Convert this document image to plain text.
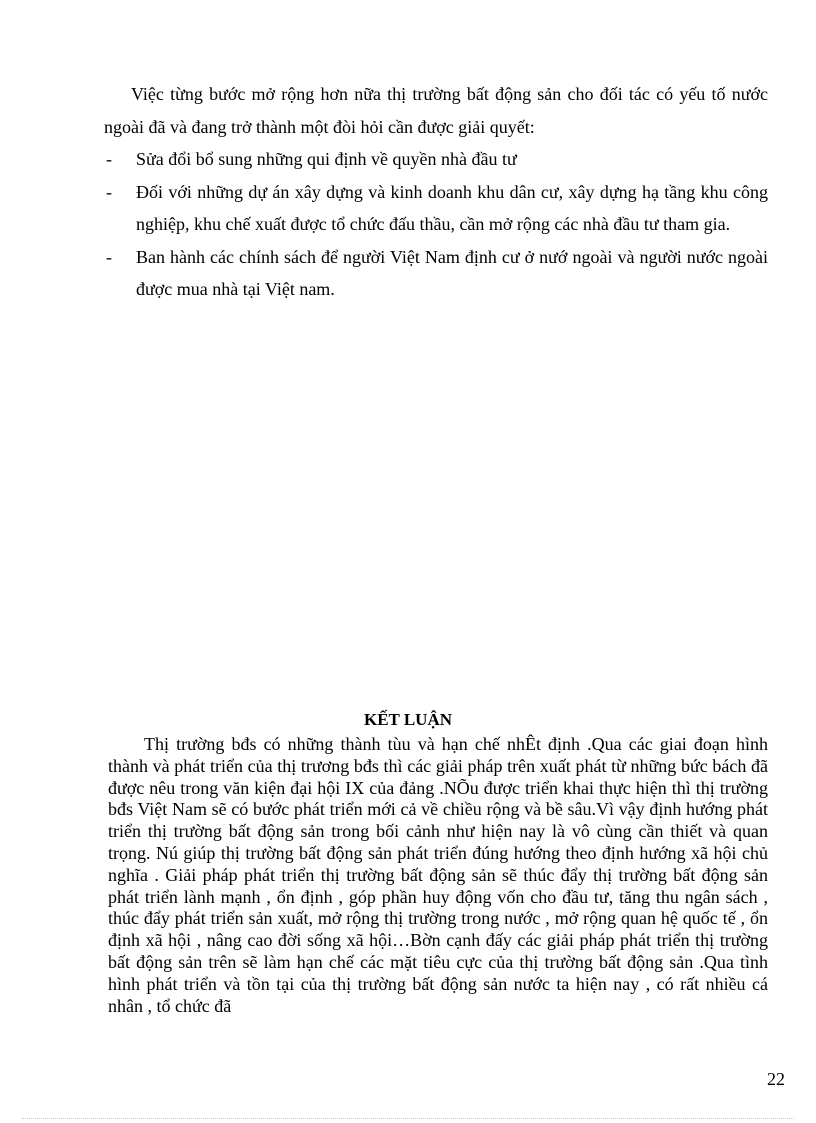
Việc từng bước mở rộng hơn nữa thị trường bất động sản cho đối tác có yếu tố nước ngoài đã và đang trở thành một đòi hỏi cần được giải quyết:

- Sửa đổi bổ sung những qui định về quyền nhà đầu tư
- Đối với những dự án xây dựng và kinh doanh khu dân cư, xây dựng hạ tầng khu công nghiệp, khu chế xuất được tổ chức đấu thầu, cần mở rộng các nhà đầu tư tham gia.
- Ban hành các chính sách để người Việt Nam định cư ở nướ ngoài và người nước ngoài được mua nhà tại Việt nam.
KẾT LUẬN

Thị trường bđs có những thành tùu và hạn chế nhÊt định .Qua các giai đoạn hình thành và phát triển của thị trương bđs thì các giải pháp trên xuất phát từ những bức bách đã được nêu trong văn kiện đại hội IX của đảng .NÕu được triển khai thực hiện thì thị trường bđs Việt Nam sẽ có bước phát triển mới cả về chiều rộng và bề sâu.Vì vậy định hướng phát triển thị trường bất động sản trong bối cảnh như hiện nay là vô cùng cần thiết và quan trọng. Nú giúp thị trường bất động sản phát triển đúng hướng theo định hướng xã hội chủ nghĩa . Giải pháp phát triển thị trường bất động sản sẽ thúc đẩy thị trường bất động sản phát triển lành mạnh , ổn định , góp phần huy động vốn cho đầu tư, tăng thu ngân sách , thúc đẩy phát triển sản xuất, mở rộng thị trường trong nước , mở rộng quan hệ quốc tế , ổn định xã hội , nâng cao đời sống xã hội…Bờn cạnh đấy các giải pháp phát triển thị trường bất động sản trên sẽ làm hạn chế các mặt tiêu cực của thị trường bất động sản .Qua tình hình phát triển và tồn tại của thị trường bất động sản nước ta hiện nay , có rất nhiều cá nhân , tổ chức đã

22
